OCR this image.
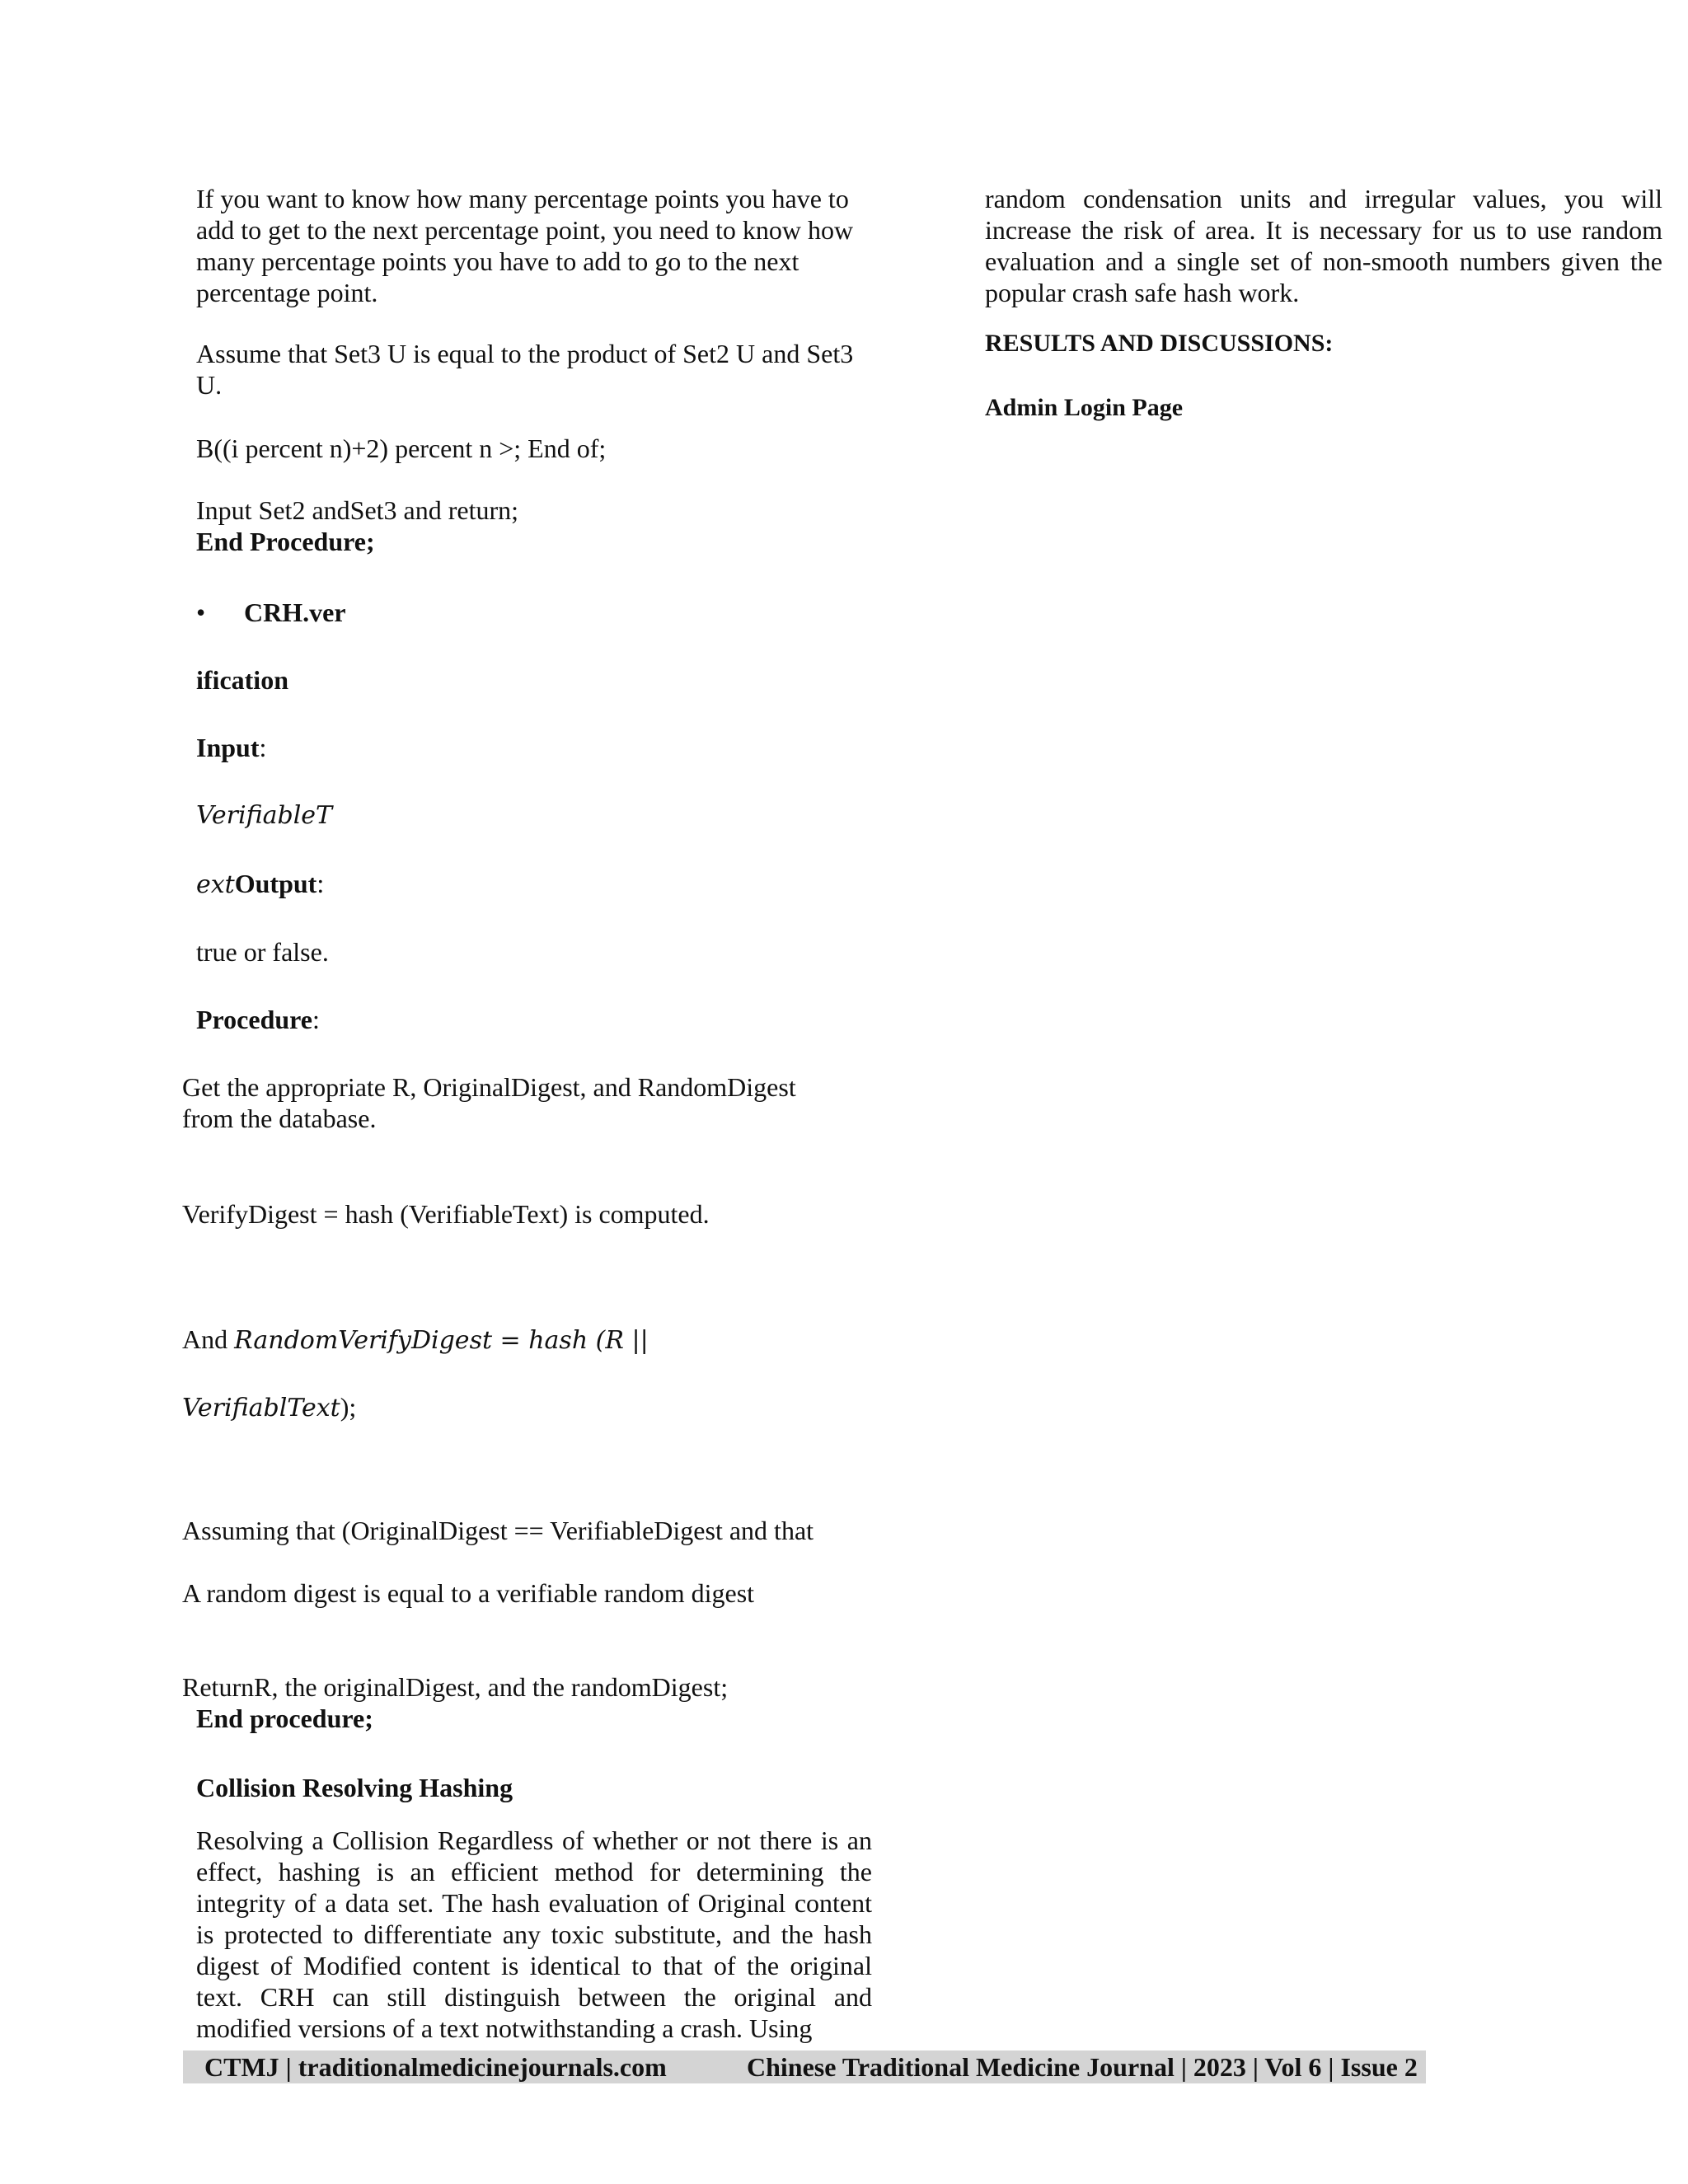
If you want to know how many percentage points you have to add to get to the next percentage point, you need to know how many percentage points you have to add to go to the next percentage point.

Assume that Set3 U is equal to the product of Set2 U and Set3 U.

B((i percent n)+2) percent n >; End of;

Input Set2 andSet3 and return;

End Procedure;

•	CRH.ver

ification

Input:

VerifiableT

extOutput:

true or false.

Procedure:

Get the appropriate R, OriginalDigest, and RandomDigest

from the database.

VerifyDigest = hash (VerifiableText) is computed.

And RandomVerifyDigest = hash (R ||

VerifiablText);

Assuming that (OriginalDigest == VerifiableDigest and that

A random digest is equal to a verifiable random digest

ReturnR, the originalDigest, and the randomDigest;

End procedure;

Collision Resolving Hashing

Resolving a Collision Regardless of whether or not there is an effect, hashing is an efficient method for determining the integrity of a data set. The hash evaluation of Original content is protected to differentiate any toxic substitute, and the hash digest of Modified content is identical to that of the original text. CRH can still distinguish between the original and modified versions of a text notwithstanding a crash. Using

random condensation units and irregular values, you will increase the risk of area. It is necessary for us to use random evaluation and a single set of non-smooth numbers given the popular crash safe hash work.

RESULTS AND DISCUSSIONS:

Admin Login Page

CTMJ | traditionalmedicinejournals.com	Chinese Traditional Medicine Journal | 2023 | Vol 6 | Issue 2
